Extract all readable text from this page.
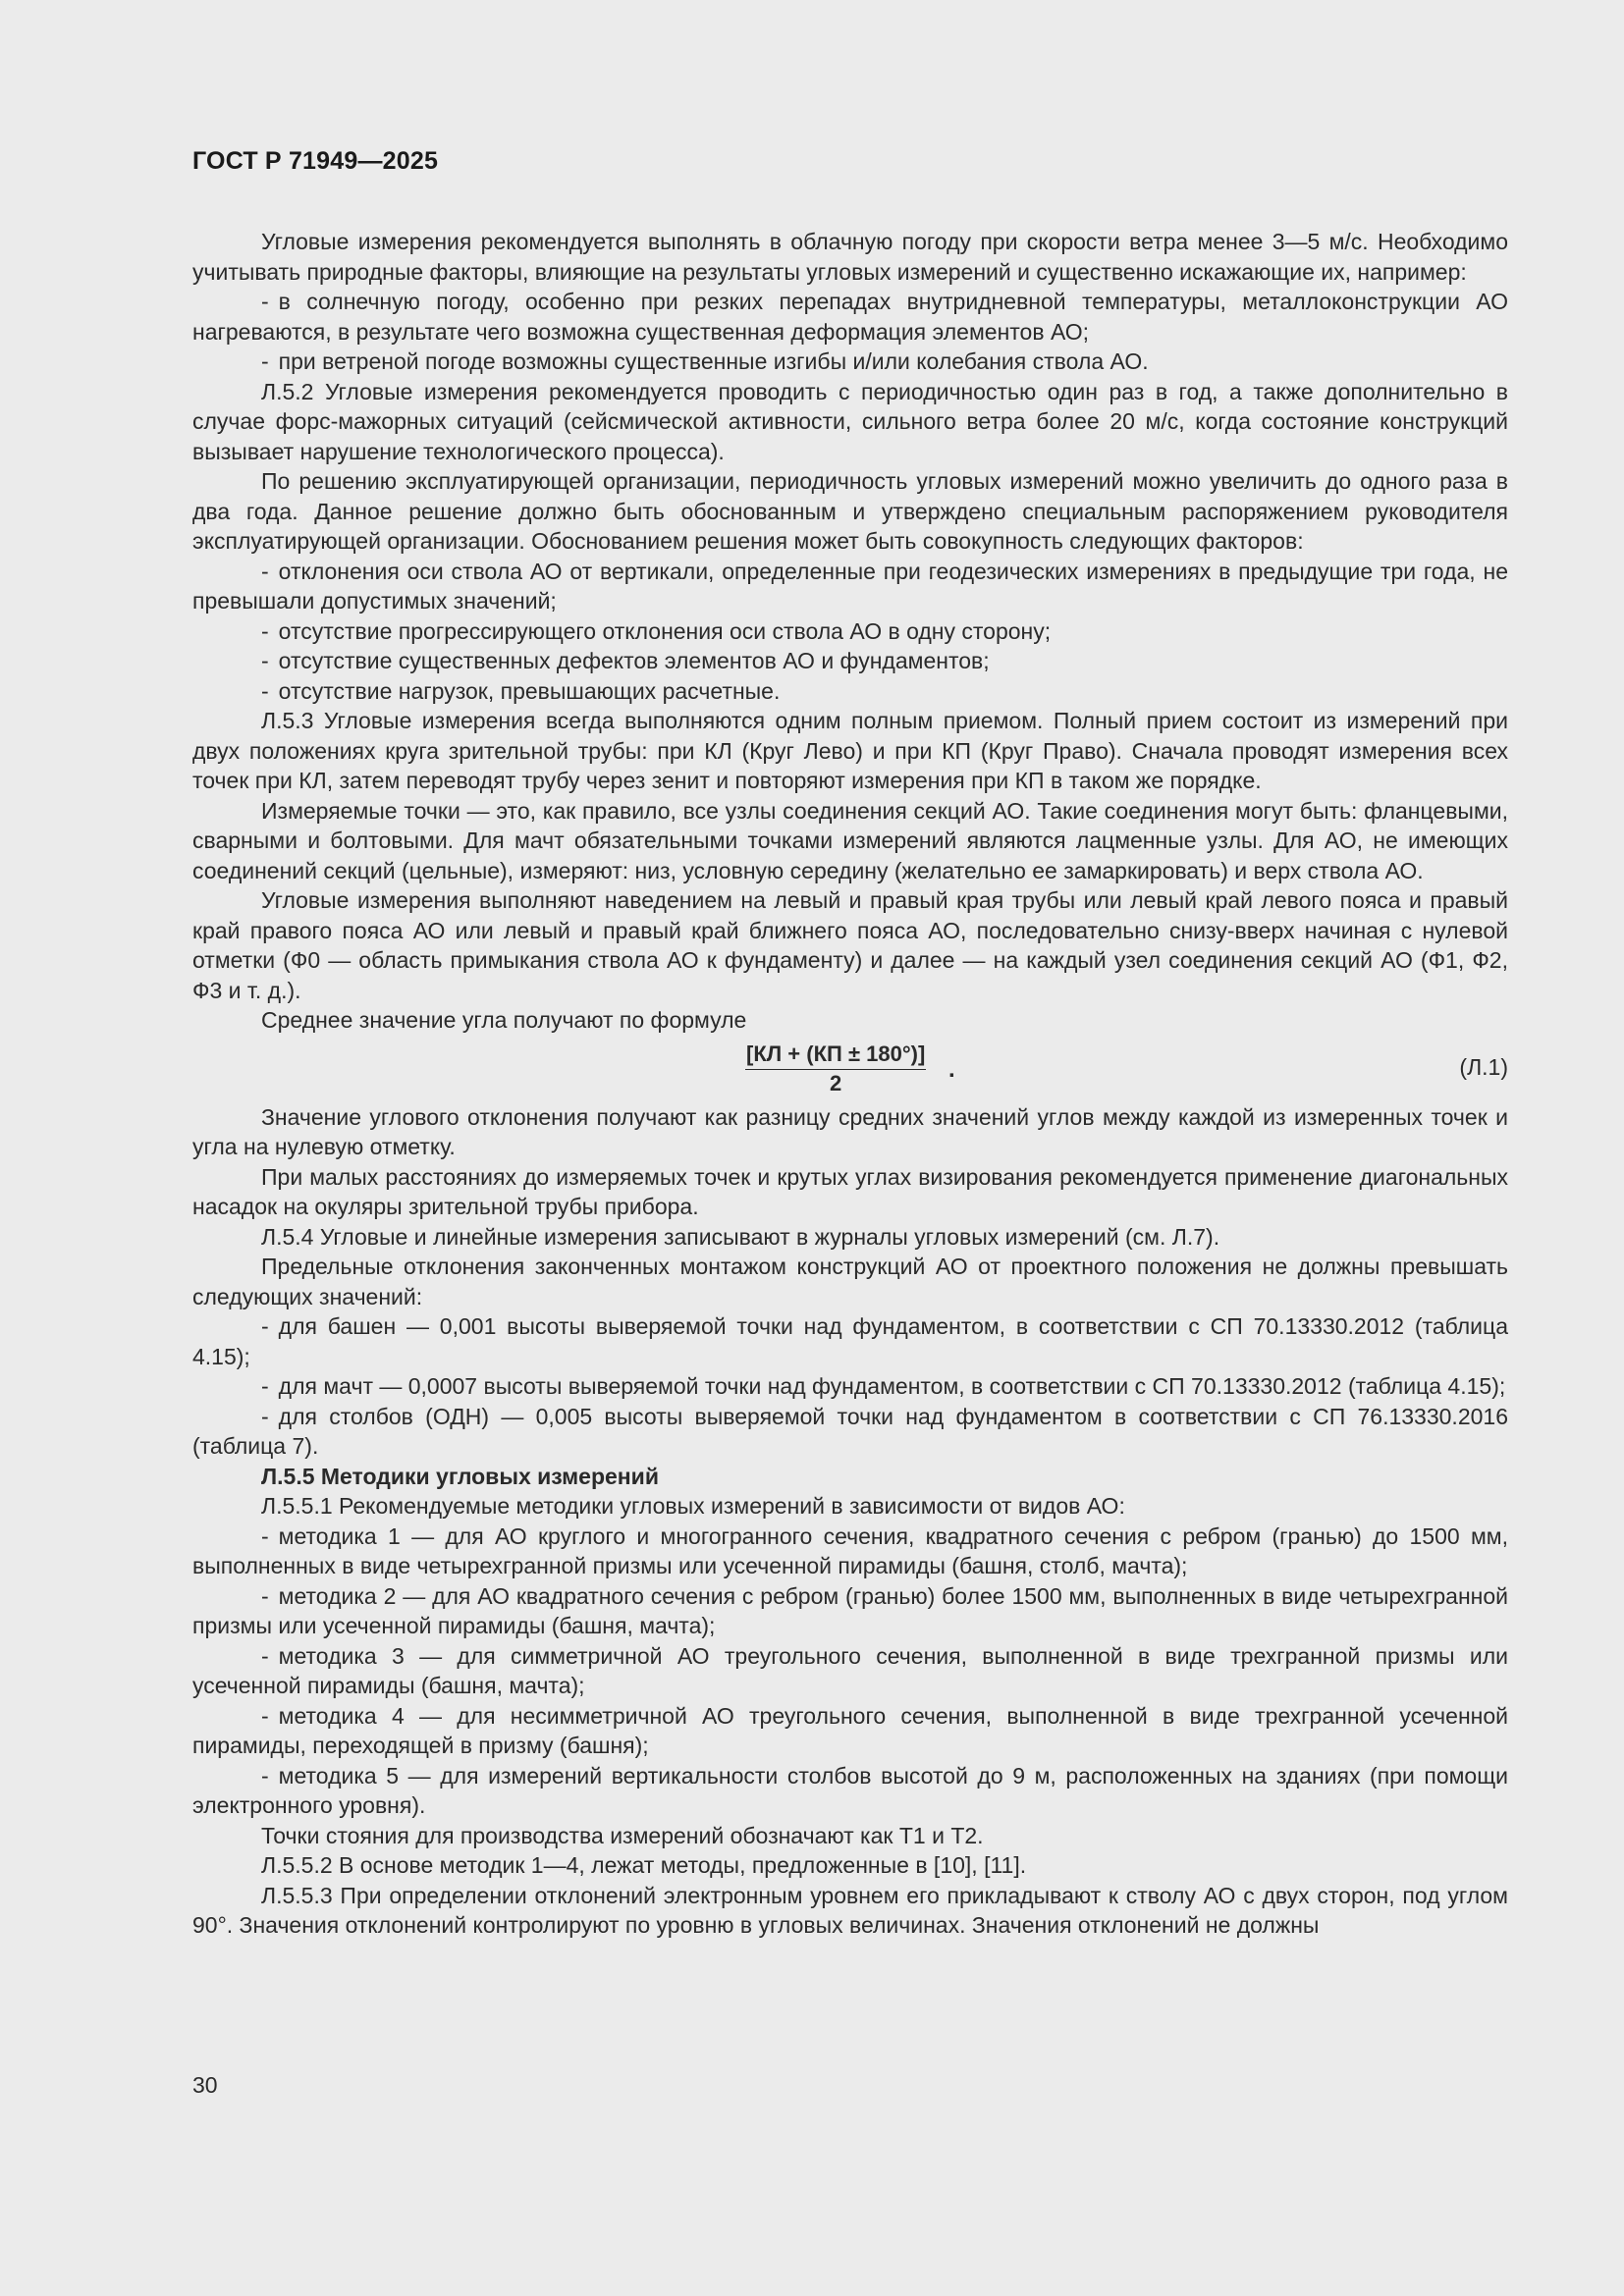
ГОСТ Р 71949—2025

Угловые измерения рекомендуется выполнять в облачную погоду при скорости ветра менее 3—5 м/с. Необходимо учитывать природные факторы, влияющие на результаты угловых измерений и существенно искажающие их, например:

- в солнечную погоду, особенно при резких перепадах внутридневной температуры, металлоконструкции АО нагреваются, в результате чего возможна существенная деформация элементов АО;

- при ветреной погоде возможны существенные изгибы и/или колебания ствола АО.

Л.5.2 Угловые измерения рекомендуется проводить с периодичностью один раз в год, а также дополнительно в случае форс-мажорных ситуаций (сейсмической активности, сильного ветра более 20 м/с, когда состояние конструкций вызывает нарушение технологического процесса).

По решению эксплуатирующей организации, периодичность угловых измерений можно увеличить до одного раза в два года. Данное решение должно быть обоснованным и утверждено специальным распоряжением руководителя эксплуатирующей организации. Обоснованием решения может быть совокупность следующих факторов:

- отклонения оси ствола АО от вертикали, определенные при геодезических измерениях в предыдущие три года, не превышали допустимых значений;

- отсутствие прогрессирующего отклонения оси ствола АО в одну сторону;

- отсутствие существенных дефектов элементов АО и фундаментов;

- отсутствие нагрузок, превышающих расчетные.

Л.5.3 Угловые измерения всегда выполняются одним полным приемом. Полный прием состоит из измерений при двух положениях круга зрительной трубы: при КЛ (Круг Лево) и при КП (Круг Право). Сначала проводят измерения всех точек при КЛ, затем переводят трубу через зенит и повторяют измерения при КП в таком же порядке.

Измеряемые точки — это, как правило, все узлы соединения секций АО. Такие соединения могут быть: фланцевыми, сварными и болтовыми. Для мачт обязательными точками измерений являются лацменные узлы. Для АО, не имеющих соединений секций (цельные), измеряют: низ, условную середину (желательно ее замаркировать) и верх ствола АО.

Угловые измерения выполняют наведением на левый и правый края трубы или левый край левого пояса и правый край правого пояса АО или левый и правый край ближнего пояса АО, последовательно снизу-вверх начиная с нулевой отметки (Ф0 — область примыкания ствола АО к фундаменту) и далее — на каждый узел соединения секций АО (Ф1, Ф2, Ф3 и т. д.).

Среднее значение угла получают по формуле

[КЛ + (КП ± 180°)]
2
.	(Л.1)

Значение углового отклонения получают как разницу средних значений углов между каждой из измеренных точек и угла на нулевую отметку.

При малых расстояниях до измеряемых точек и крутых углах визирования рекомендуется применение диагональных насадок на окуляры зрительной трубы прибора.

Л.5.4 Угловые и линейные измерения записывают в журналы угловых измерений (см. Л.7).

Предельные отклонения законченных монтажом конструкций АО от проектного положения не должны превышать следующих значений:

- для башен — 0,001 высоты выверяемой точки над фундаментом, в соответствии с СП 70.13330.2012 (таблица 4.15);

- для мачт — 0,0007 высоты выверяемой точки над фундаментом, в соответствии с СП 70.13330.2012 (таблица 4.15);

- для столбов (ОДН) — 0,005 высоты выверяемой точки над фундаментом в соответствии с СП 76.13330.2016 (таблица 7).

Л.5.5 Методики угловых измерений

Л.5.5.1 Рекомендуемые методики угловых измерений в зависимости от видов АО:

- методика 1 — для АО круглого и многогранного сечения, квадратного сечения с ребром (гранью) до 1500 мм, выполненных в виде четырехгранной призмы или усеченной пирамиды (башня, столб, мачта);

- методика 2 — для АО квадратного сечения с ребром (гранью) более 1500 мм, выполненных в виде четырехгранной призмы или усеченной пирамиды (башня, мачта);

- методика 3 — для симметричной АО треугольного сечения, выполненной в виде трехгранной призмы или усеченной пирамиды (башня, мачта);

- методика 4 — для несимметричной АО треугольного сечения, выполненной в виде трехгранной усеченной пирамиды, переходящей в призму (башня);

- методика 5 — для измерений вертикальности столбов высотой до 9 м, расположенных на зданиях (при помощи электронного уровня).

Точки стояния для производства измерений обозначают как Т1 и Т2.

Л.5.5.2 В основе методик 1—4, лежат методы, предложенные в [10], [11].

Л.5.5.3 При определении отклонений электронным уровнем его прикладывают к стволу АО с двух сторон, под углом 90°. Значения отклонений контролируют по уровню в угловых величинах. Значения отклонений не должны

30
